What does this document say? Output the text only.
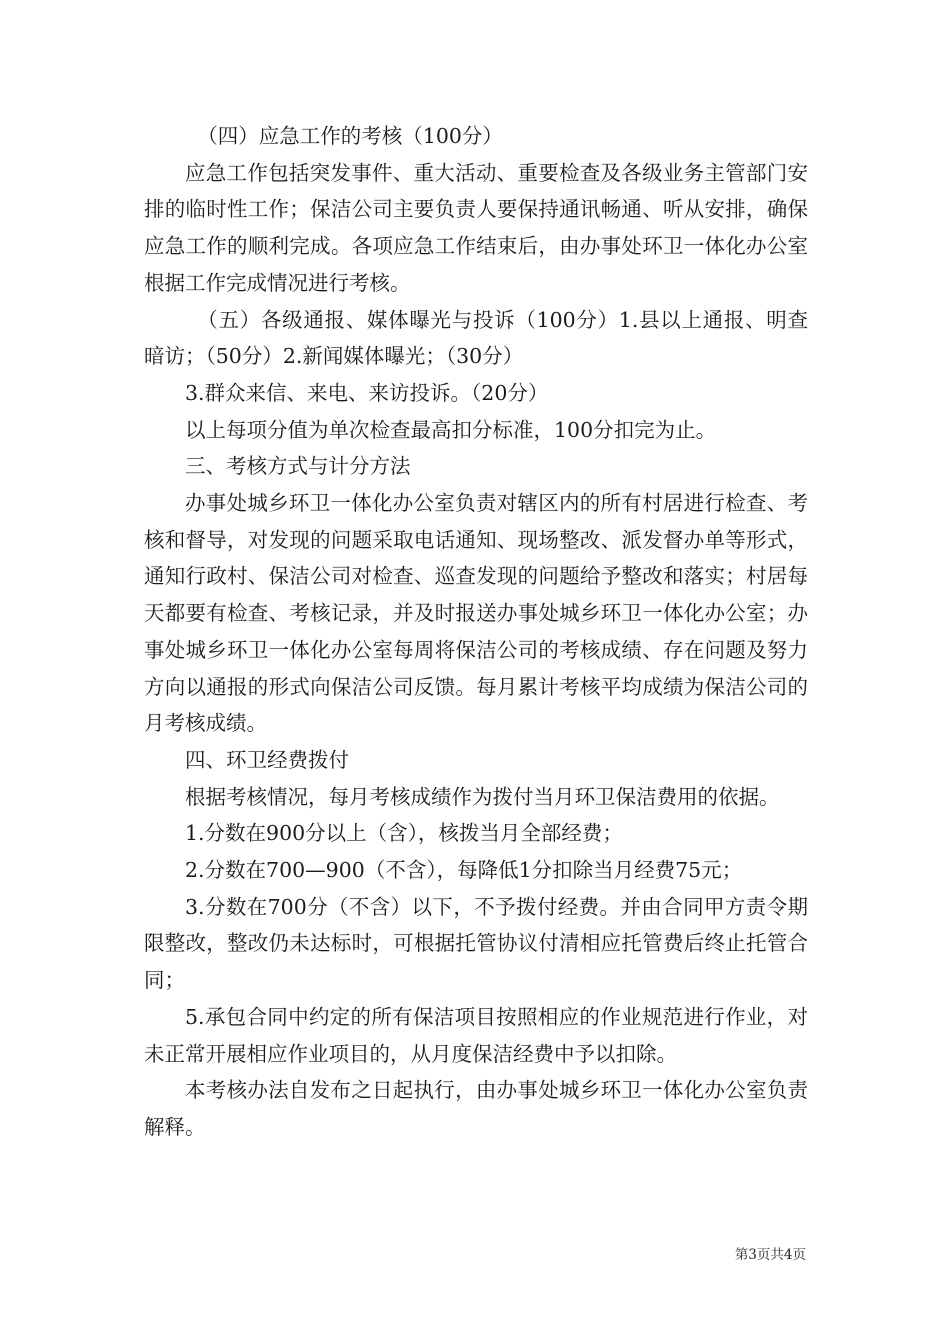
（四）应急工作的考核（100分）

应急工作包括突发事件、重大活动、重要检查及各级业务主管部门安排的临时性工作；保洁公司主要负责人要保持通讯畅通、听从安排，确保应急工作的顺利完成。各项应急工作结束后，由办事处环卫一体化办公室根据工作完成情况进行考核。

（五）各级通报、媒体曝光与投诉（100分）1.县以上通报、明查暗访；（50分）2.新闻媒体曝光；（30分）

3.群众来信、来电、来访投诉。（20分）

以上每项分值为单次检查最高扣分标准，100分扣完为止。

三、考核方式与计分方法

办事处城乡环卫一体化办公室负责对辖区内的所有村居进行检查、考核和督导，对发现的问题采取电话通知、现场整改、派发督办单等形式，通知行政村、保洁公司对检查、巡查发现的问题给予整改和落实；村居每天都要有检查、考核记录，并及时报送办事处城乡环卫一体化办公室；办事处城乡环卫一体化办公室每周将保洁公司的考核成绩、存在问题及努力方向以通报的形式向保洁公司反馈。每月累计考核平均成绩为保洁公司的月考核成绩。

四、环卫经费拨付

根据考核情况，每月考核成绩作为拨付当月环卫保洁费用的依据。

1.分数在900分以上（含），核拨当月全部经费；

2.分数在700—900（不含），每降低1分扣除当月经费75元；

3.分数在700分（不含）以下，不予拨付经费。并由合同甲方责令期限整改，整改仍未达标时，可根据托管协议付清相应托管费后终止托管合同；

5.承包合同中约定的所有保洁项目按照相应的作业规范进行作业，对未正常开展相应作业项目的，从月度保洁经费中予以扣除。

本考核办法自发布之日起执行，由办事处城乡环卫一体化办公室负责解释。

第3页共4页
